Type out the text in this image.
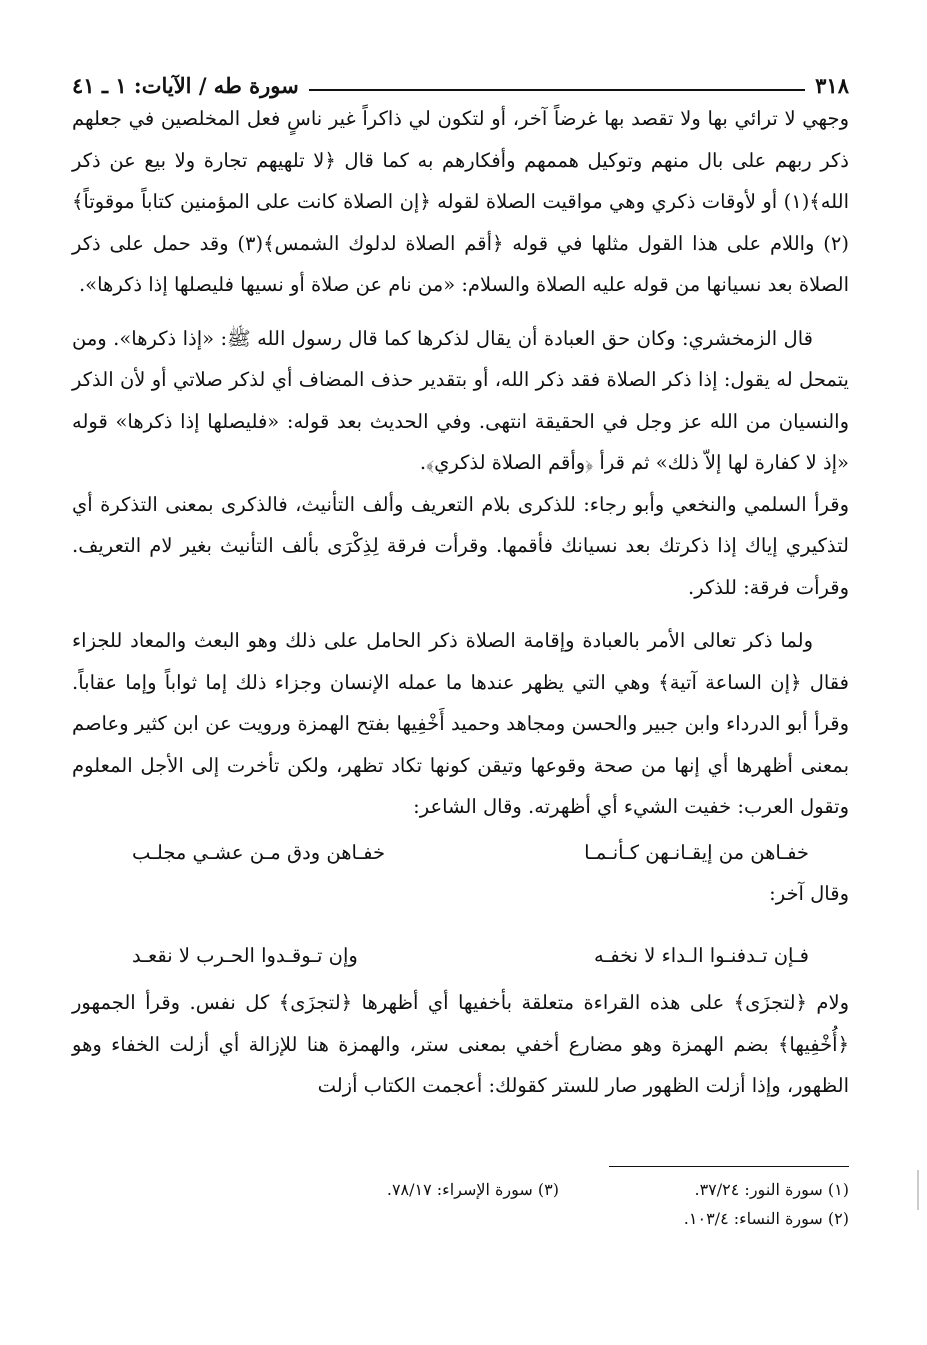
٣١٨
سورة طه / الآيات: ١ ـ ٤١

وجهي لا ترائي بها ولا تقصد بها غرضاً آخر، أو لتكون لي ذاكراً غير ناسٍ فعل المخلصين في جعلهم ذكر ربهم على بال منهم وتوكيل هممهم وأفكارهم به كما قال ﴿لا تلهيهم تجارة ولا بيع عن ذكر الله﴾(١) أو لأوقات ذكري وهي مواقيت الصلاة لقوله ﴿إن الصلاة كانت على المؤمنين كتاباً موقوتاً﴾(٢) واللام على هذا القول مثلها في قوله ﴿أقم الصلاة لدلوك الشمس﴾(٣) وقد حمل على ذكر الصلاة بعد نسيانها من قوله عليه الصلاة والسلام: «من نام عن صلاة أو نسيها فليصلها إذا ذكرها».

قال الزمخشري: وكان حق العبادة أن يقال لذكرها كما قال رسول الله ﷺ: «إذا ذكرها». ومن يتمحل له يقول: إذا ذكر الصلاة فقد ذكر الله، أو بتقدير حذف المضاف أي لذكر صلاتي أو لأن الذكر والنسيان من الله عز وجل في الحقيقة انتهى. وفي الحديث بعد قوله: «فليصلها إذا ذكرها» قوله «إذ لا كفارة لها إلاّ ذلك» ثم قرأ ﴿وأقم الصلاة لذكري﴾.

وقرأ السلمي والنخعي وأبو رجاء: للذكرى بلام التعريف وألف التأنيث، فالذكرى بمعنى التذكرة أي لتذكيري إياك إذا ذكرتك بعد نسيانك فأقمها. وقرأت فرقة لِذِكْرَى بألف التأنيث بغير لام التعريف. وقرأت فرقة: للذكر.

ولما ذكر تعالى الأمر بالعبادة وإقامة الصلاة ذكر الحامل على ذلك وهو البعث والمعاد للجزاء فقال ﴿إن الساعة آتية﴾ وهي التي يظهر عندها ما عمله الإنسان وجزاء ذلك إما ثواباً وإما عقاباً. وقرأ أبو الدرداء وابن جبير والحسن ومجاهد وحميد أَخْفِيها بفتح الهمزة ورويت عن ابن كثير وعاصم بمعنى أظهرها أي إنها من صحة وقوعها وتيقن كونها تكاد تظهر، ولكن تأخرت إلى الأجل المعلوم وتقول العرب: خفيت الشيء أي أظهرته. وقال الشاعر:

خفـاهن من إيقـانـهن كـأنـمـا
خفـاهن ودق مـن عشـي مجلـب

وقال آخر:

فـإن تـدفنـوا الـداء لا نخفـه
وإن تـوقـدوا الحـرب لا نقعـد

ولام ﴿لتجزَى﴾ على هذه القراءة متعلقة بأخفيها أي أظهرها ﴿لتجزَى﴾ كل نفس. وقرأ الجمهور ﴿أُخْفِيها﴾ بضم الهمزة وهو مضارع أخفي بمعنى ستر، والهمزة هنا للإزالة أي أزلت الخفاء وهو الظهور، وإذا أزلت الظهور صار للستر كقولك: أعجمت الكتاب أزلت

(١) سورة النور: ٣٧/٢٤.
(٣) سورة الإسراء: ٧٨/١٧.
(٢) سورة النساء: ١٠٣/٤.
